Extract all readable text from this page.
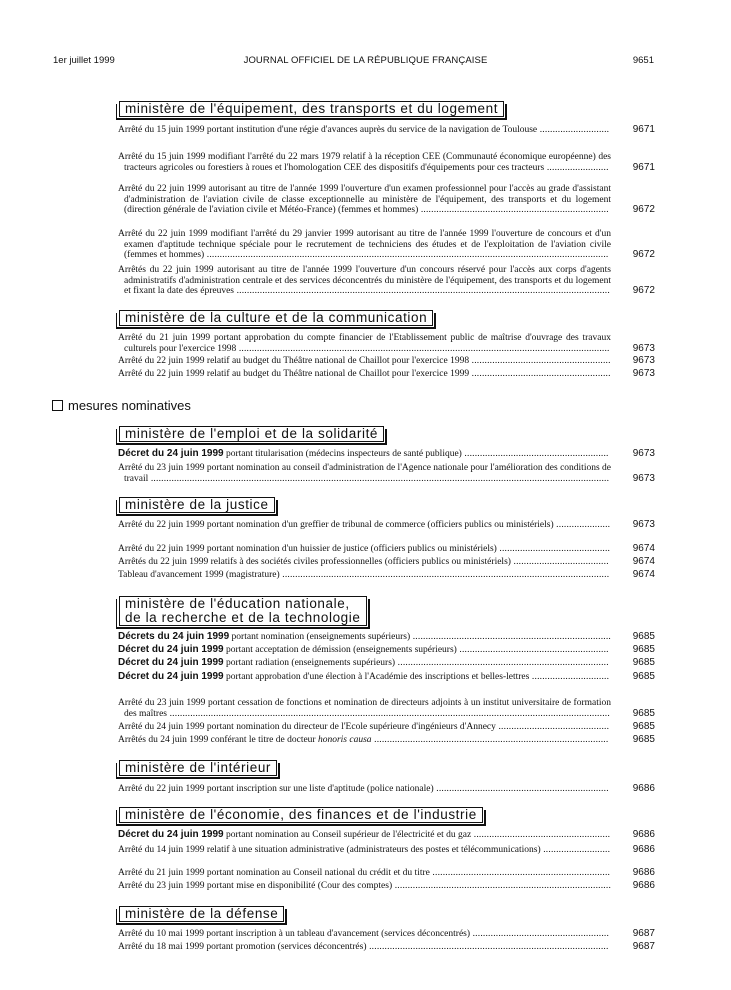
1er juillet 1999	JOURNAL OFFICIEL DE LA RÉPUBLIQUE FRANÇAISE	9651
ministère de l'équipement, des transports et du logement
Arrêté du 15 juin 1999 portant institution d'une régie d'avances auprès du service de la navigation de Toulouse ........................... 9671
Arrêté du 15 juin 1999 modifiant l'arrêté du 22 mars 1979 relatif à la réception CEE (Communauté économique européenne) des tracteurs agricoles ou forestiers à roues et l'homologation CEE des dispositifs d'équipements pour ces tracteurs ........................ 9671
Arrêté du 22 juin 1999 autorisant au titre de l'année 1999 l'ouverture d'un examen professionnel pour l'accès au grade d'assistant d'administration de l'aviation civile de classe exceptionnelle au ministère de l'équipement, des transports et du logement (direction générale de l'aviation civile et Météo-France) (femmes et hommes) ......................................................................... 9672
Arrêté du 22 juin 1999 modifiant l'arrêté du 29 janvier 1999 autorisant au titre de l'année 1999 l'ouverture de concours et d'un examen d'aptitude technique spéciale pour le recrutement de techniciens des études et de l'exploitation de l'aviation civile (femmes et hommes) ............................................................................................................................................................ 9672
Arrêtés du 22 juin 1999 autorisant au titre de l'année 1999 l'ouverture d'un concours réservé pour l'accès aux corps d'agents administratifs d'administration centrale et des services déconcentrés du ministère de l'équipement, des transports et du logement et fixant la date des épreuves ................................................................................................................................................. 9672
ministère de la culture et de la communication
Arrêté du 21 juin 1999 portant approbation du compte financier de l'Etablissement public de maîtrise d'ouvrage des travaux culturels pour l'exercice 1998 ................................................................................................................................................ 9673
Arrêté du 22 juin 1999 relatif au budget du Théâtre national de Chaillot pour l'exercice 1998 ...................................................... 9673
Arrêté du 22 juin 1999 relatif au budget du Théâtre national de Chaillot pour l'exercice 1999 ...................................................... 9673
ministère de l'emploi et de la solidarité
Décret du 24 juin 1999 portant titularisation (médecins inspecteurs de santé publique) ........................................................ 9673
Arrêté du 23 juin 1999 portant nomination au conseil d'administration de l'Agence nationale pour l'amélioration des conditions de travail .................................................................................................................................................................................. 9673
ministère de la justice
Arrêté du 22 juin 1999 portant nomination d'un greffier de tribunal de commerce (officiers publics ou ministériels) ..................... 9673
Arrêté du 22 juin 1999 portant nomination d'un huissier de justice (officiers publics ou ministériels) ........................................... 9674
Arrêtés du 22 juin 1999 relatifs à des sociétés civiles professionnelles (officiers publics ou ministériels) ..................................... 9674
Tableau d'avancement 1999 (magistrature) ............................................................................................................................... 9674
ministère de l'éducation nationale,
de la recherche et de la technologie
Décrets du 24 juin 1999 portant nomination (enseignements supérieurs) ............................................................................. 9685
Décret du 24 juin 1999 portant acceptation de démission (enseignements supérieurs) .......................................................... 9685
Décret du 24 juin 1999 portant radiation (enseignements supérieurs) .................................................................................. 9685
Décret du 24 juin 1999 portant approbation d'une élection à l'Académie des inscriptions et belles-lettres .............................. 9685
Arrêté du 23 juin 1999 portant cessation de fonctions et nomination de directeurs adjoints à un institut universitaire de formation des maîtres ........................................................................................................................................................................... 9685
Arrêté du 24 juin 1999 portant nomination du directeur de l'Ecole supérieure d'ingénieurs d'Annecy ........................................... 9685
Arrêtés du 24 juin 1999 conférant le titre de docteur honoris causa ........................................................................................... 9685
ministère de l'intérieur
Arrêté du 22 juin 1999 portant inscription sur une liste d'aptitude (police nationale) ................................................................... 9686
ministère de l'économie, des finances et de l'industrie
Décret du 24 juin 1999 portant nomination au Conseil supérieur de l'électricité et du gaz ..................................................... 9686
Arrêté du 14 juin 1999 relatif à une situation administrative (administrateurs des postes et télécommunications) .......................... 9686
Arrêté du 21 juin 1999 portant nomination au Conseil national du crédit et du titre ..................................................................... 9686
Arrêté du 23 juin 1999 portant mise en disponibilité (Cour des comptes) .................................................................................... 9686
ministère de la défense
Arrêté du 10 mai 1999 portant inscription à un tableau d'avancement (services déconcentrés) ..................................................... 9687
Arrêté du 18 mai 1999 portant promotion (services déconcentrés) ............................................................................................. 9687
mesures nominatives
